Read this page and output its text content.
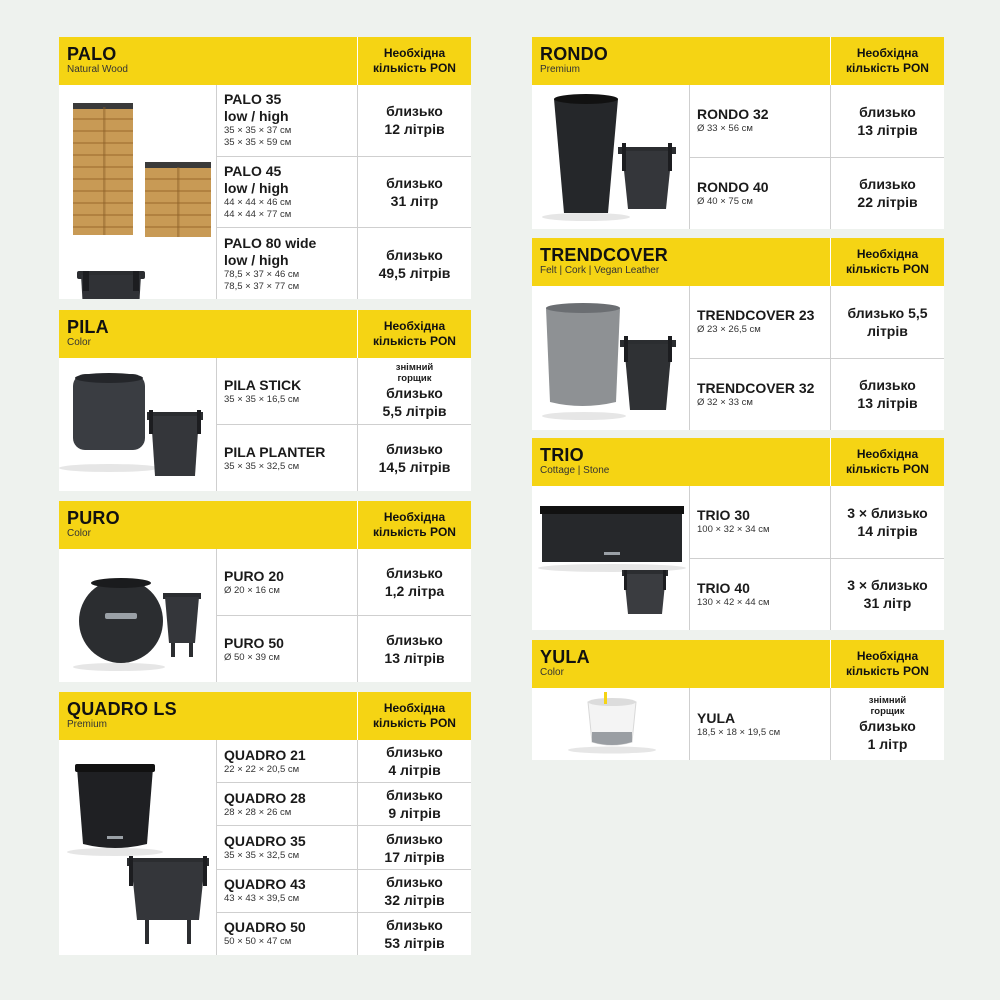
PALO
Natural Wood
Необхідна
кількість PON
PALO 35
low / high
35 × 35 × 37 см
35 × 35 × 59 см
близько
12 літрів
PALO 45
low / high
44 × 44 × 46 см
44 × 44 × 77 см
близько
31 літр
PALO 80 wide
low / high
78,5 × 37 × 46 см
78,5 × 37 × 77 см
близько
49,5 літрів
PILA
Color
Необхідна
кількість PON
PILA STICK
35 × 35 × 16,5 см
знімний
горщик
близько
5,5 літрів
PILA PLANTER
35 × 35 × 32,5 см
близько
14,5 літрів
PURO
Color
Необхідна
кількість PON
PURO 20
Ø 20 × 16 см
близько
1,2 літра
PURO 50
Ø 50 × 39 см
близько
13 літрів
QUADRO LS
Premium
Необхідна
кількість PON
QUADRO 21
22 × 22 × 20,5 см
близько
4 літрів
QUADRO 28
28 × 28 × 26 см
близько
9 літрів
QUADRO 35
35 × 35 × 32,5 см
близько
17 літрів
QUADRO 43
43 × 43 × 39,5 см
близько
32 літрів
QUADRO 50
50 × 50 × 47 см
близько
53 літрів
RONDO
Premium
Необхідна
кількість PON
RONDO 32
Ø 33 × 56 см
близько
13 літрів
RONDO 40
Ø 40 × 75 см
близько
22 літрів
TRENDCOVER
Felt | Cork | Vegan Leather
Необхідна
кількість PON
TRENDCOVER 23
Ø 23 × 26,5 см
близько 5,5
літрів
TRENDCOVER 32
Ø 32 × 33 см
близько
13 літрів
TRIO
Cottage | Stone
Необхідна
кількість PON
TRIO 30
100 × 32 × 34 см
3 × близько
14 літрів
TRIO 40
130 × 42 × 44 см
3 × близько
31 літр
YULA
Color
Необхідна
кількість PON
YULA
18,5 × 18 × 19,5 см
знімний
горщик
близько
1 літр
